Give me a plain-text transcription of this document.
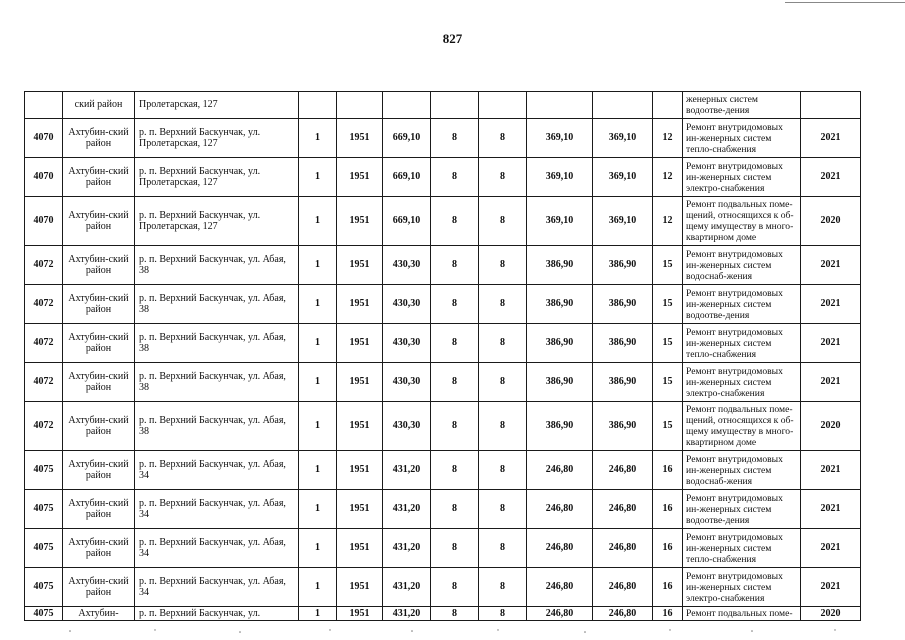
827
	ский район	Пролетарская, 127									женерных систем водоотве-дения	
4070	Ахтубин-ский район	р. п. Верхний Баскунчак, ул. Пролетарская, 127	1	1951	669,10	8	8	369,10	369,10	12	Ремонт внутридомовых ин-женерных систем тепло-снабжения	2021
4070	Ахтубин-ский район	р. п. Верхний Баскунчак, ул. Пролетарская, 127	1	1951	669,10	8	8	369,10	369,10	12	Ремонт внутридомовых ин-женерных систем электро-снабжения	2021
4070	Ахтубин-ский район	р. п. Верхний Баскунчак, ул. Пролетарская, 127	1	1951	669,10	8	8	369,10	369,10	12	Ремонт подвальных поме-щений, относящихся к об-щему имуществу в много-квартирном доме	2020
4072	Ахтубин-ский район	р. п. Верхний Баскунчак, ул. Абая, 38	1	1951	430,30	8	8	386,90	386,90	15	Ремонт внутридомовых ин-женерных систем водоснаб-жения	2021
4072	Ахтубин-ский район	р. п. Верхний Баскунчак, ул. Абая, 38	1	1951	430,30	8	8	386,90	386,90	15	Ремонт внутридомовых ин-женерных систем водоотве-дения	2021
4072	Ахтубин-ский район	р. п. Верхний Баскунчак, ул. Абая, 38	1	1951	430,30	8	8	386,90	386,90	15	Ремонт внутридомовых ин-женерных систем тепло-снабжения	2021
4072	Ахтубин-ский район	р. п. Верхний Баскунчак, ул. Абая, 38	1	1951	430,30	8	8	386,90	386,90	15	Ремонт внутридомовых ин-женерных систем электро-снабжения	2021
4072	Ахтубин-ский район	р. п. Верхний Баскунчак, ул. Абая, 38	1	1951	430,30	8	8	386,90	386,90	15	Ремонт подвальных поме-щений, относящихся к об-щему имуществу в много-квартирном доме	2020
4075	Ахтубин-ский район	р. п. Верхний Баскунчак, ул. Абая, 34	1	1951	431,20	8	8	246,80	246,80	16	Ремонт внутридомовых ин-женерных систем водоснаб-жения	2021
4075	Ахтубин-ский район	р. п. Верхний Баскунчак, ул. Абая, 34	1	1951	431,20	8	8	246,80	246,80	16	Ремонт внутридомовых ин-женерных систем водоотве-дения	2021
4075	Ахтубин-ский район	р. п. Верхний Баскунчак, ул. Абая, 34	1	1951	431,20	8	8	246,80	246,80	16	Ремонт внутридомовых ин-женерных систем тепло-снабжения	2021
4075	Ахтубин-ский район	р. п. Верхний Баскунчак, ул. Абая, 34	1	1951	431,20	8	8	246,80	246,80	16	Ремонт внутридомовых ин-женерных систем электро-снабжения	2021
4075	Ахтубин-	р. п. Верхний Баскунчак, ул.	1	1951	431,20	8	8	246,80	246,80	16	Ремонт подвальных поме-	2020
